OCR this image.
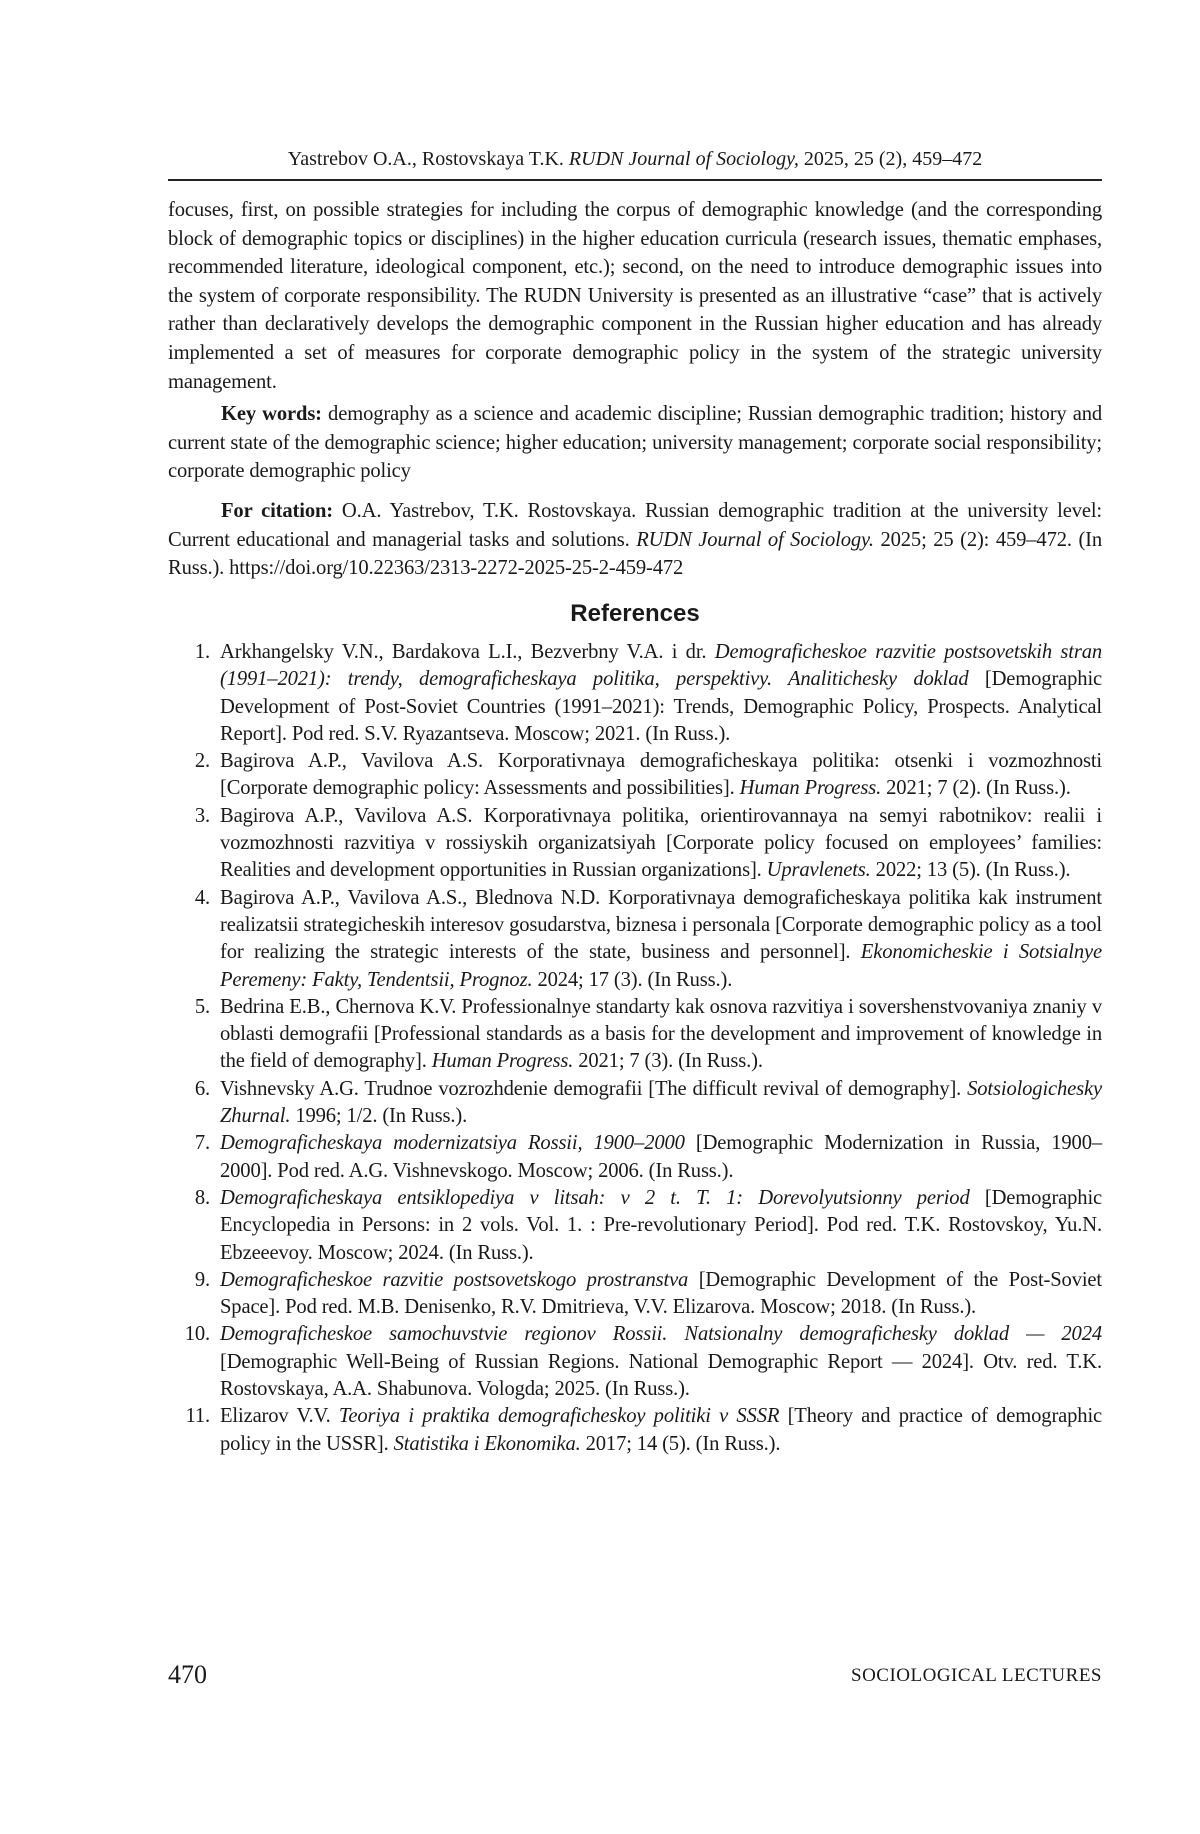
Yastrebov O.A., Rostovskaya T.K. RUDN Journal of Sociology, 2025, 25 (2), 459–472

focuses, first, on possible strategies for including the corpus of demographic knowledge (and the corresponding block of demographic topics or disciplines) in the higher education curricula (research issues, thematic emphases, recommended literature, ideological component, etc.); second, on the need to introduce demographic issues into the system of corporate responsibility. The RUDN University is presented as an illustrative “case” that is actively rather than declaratively develops the demographic component in the Russian higher education and has already implemented a set of measures for corporate demographic policy in the system of the strategic university management.

Key words: demography as a science and academic discipline; Russian demographic tradition; history and current state of the demographic science; higher education; university management; corporate social responsibility; corporate demographic policy

For citation: O.A. Yastrebov, T.K. Rostovskaya. Russian demographic tradition at the university level: Current educational and managerial tasks and solutions. RUDN Journal of Sociology. 2025; 25 (2): 459–472. (In Russ.). https://doi.org/10.22363/2313-2272-2025-25-2-459-472

References
1. Arkhangelsky V.N., Bardakova L.I., Bezverbny V.A. i dr. Demograficheskoe razvitie postsovetskih stran (1991–2021): trendy, demograficheskaya politika, perspektivy. Analitichesky doklad [Demographic Development of Post-Soviet Countries (1991–2021): Trends, Demographic Policy, Prospects. Analytical Report]. Pod red. S.V. Ryazantseva. Moscow; 2021. (In Russ.).
2. Bagirova A.P., Vavilova A.S. Korporativnaya demograficheskaya politika: otsenki i vozmozhnosti [Corporate demographic policy: Assessments and possibilities]. Human Progress. 2021; 7 (2). (In Russ.).
3. Bagirova A.P., Vavilova A.S. Korporativnaya politika, orientirovannaya na semyi rabotnikov: realii i vozmozhnosti razvitiya v rossiyskih organizatsiyah [Corporate policy focused on employees’ families: Realities and development opportunities in Russian organizations]. Upravlenets. 2022; 13 (5). (In Russ.).
4. Bagirova A.P., Vavilova A.S., Blednova N.D. Korporativnaya demograficheskaya politika kak instrument realizatsii strategicheskih interesov gosudarstva, biznesa i personala [Corporate demographic policy as a tool for realizing the strategic interests of the state, business and personnel]. Ekonomicheskie i Sotsialnye Peremeny: Fakty, Tendentsii, Prognoz. 2024; 17 (3). (In Russ.).
5. Bedrina E.B., Chernova K.V. Professionalnye standarty kak osnova razvitiya i sovershenstvovaniya znaniy v oblasti demografii [Professional standards as a basis for the development and improvement of knowledge in the field of demography]. Human Progress. 2021; 7 (3). (In Russ.).
6. Vishnevsky A.G. Trudnoe vozrozhdenie demografii [The difficult revival of demography]. Sotsiologichesky Zhurnal. 1996; 1/2. (In Russ.).
7. Demograficheskaya modernizatsiya Rossii, 1900–2000 [Demographic Modernization in Russia, 1900–2000]. Pod red. A.G. Vishnevskogo. Moscow; 2006. (In Russ.).
8. Demograficheskaya entsiklopediya v litsah: v 2 t. T. 1: Dorevolyutsionny period [Demographic Encyclopedia in Persons: in 2 vols. Vol. 1. : Pre-revolutionary Period]. Pod red. T.K. Rostovskoy, Yu.N. Ebzeeevoy. Moscow; 2024. (In Russ.).
9. Demograficheskoe razvitie postsovetskogo prostranstva [Demographic Development of the Post-Soviet Space]. Pod red. M.B. Denisenko, R.V. Dmitrieva, V.V. Elizarova. Moscow; 2018. (In Russ.).
10. Demograficheskoe samochuvstvie regionov Rossii. Natsionalny demografichesky doklad — 2024 [Demographic Well-Being of Russian Regions. National Demographic Report — 2024]. Otv. red. T.K. Rostovskaya, A.A. Shabunova. Vologda; 2025. (In Russ.).
11. Elizarov V.V. Teoriya i praktika demograficheskoy politiki v SSSR [Theory and practice of demographic policy in the USSR]. Statistika i Ekonomika. 2017; 14 (5). (In Russ.).
470	SOCIOLOGICAL LECTURES
